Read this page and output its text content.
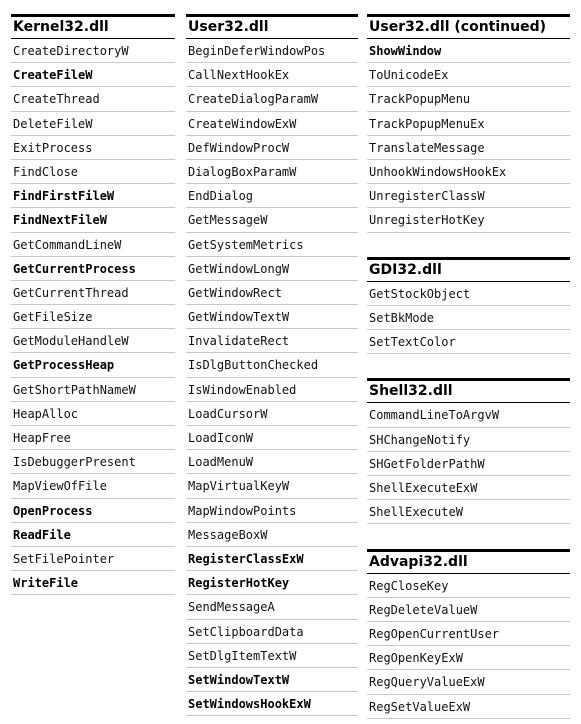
Kernel32.dll
CreateDirectoryW
CreateFileW
CreateThread
DeleteFileW
ExitProcess
FindClose
FindFirstFileW
FindNextFileW
GetCommandLineW
GetCurrentProcess
GetCurrentThread
GetFileSize
GetModuleHandleW
GetProcessHeap
GetShortPathNameW
HeapAlloc
HeapFree
IsDebuggerPresent
MapViewOfFile
OpenProcess
ReadFile
SetFilePointer
WriteFile
User32.dll
BeginDeferWindowPos
CallNextHookEx
CreateDialogParamW
CreateWindowExW
DefWindowProcW
DialogBoxParamW
EndDialog
GetMessageW
GetSystemMetrics
GetWindowLongW
GetWindowRect
GetWindowTextW
InvalidateRect
IsDlgButtonChecked
IsWindowEnabled
LoadCursorW
LoadIconW
LoadMenuW
MapVirtualKeyW
MapWindowPoints
MessageBoxW
RegisterClassExW
RegisterHotKey
SendMessageA
SetClipboardData
SetDlgItemTextW
SetWindowTextW
SetWindowsHookExW
User32.dll (continued)
ShowWindow
ToUnicodeEx
TrackPopupMenu
TrackPopupMenuEx
TranslateMessage
UnhookWindowsHookEx
UnregisterClassW
UnregisterHotKey
GDI32.dll
GetStockObject
SetBkMode
SetTextColor
Shell32.dll
CommandLineToArgvW
SHChangeNotify
SHGetFolderPathW
ShellExecuteExW
ShellExecuteW
Advapi32.dll
RegCloseKey
RegDeleteValueW
RegOpenCurrentUser
RegOpenKeyExW
RegQueryValueExW
RegSetValueExW
